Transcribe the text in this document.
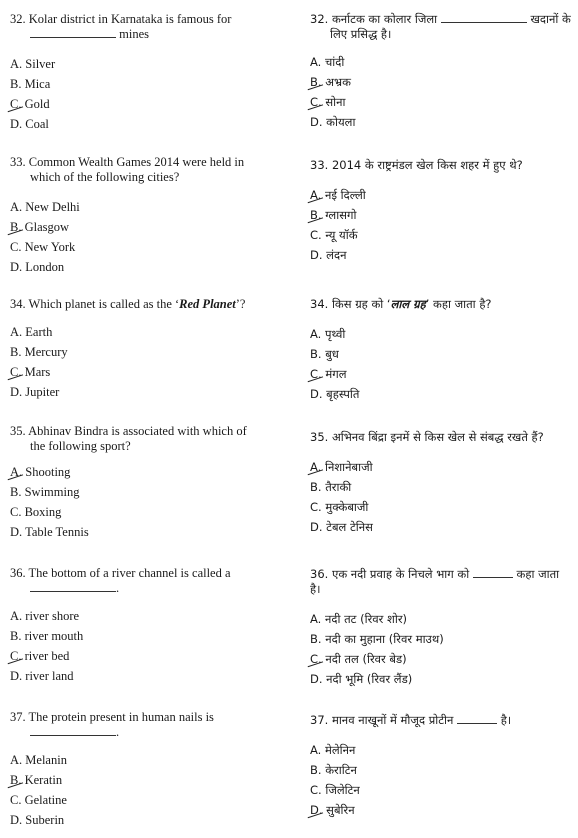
32. Kolar district in Karnataka is famous for
mines

A. Silver
B. Mica
C. Gold
D. Coal

33. Common Wealth Games 2014 were held in
which of the following cities?

A. New Delhi
B. Glasgow
C. New York
D. London

34. Which planet is called as the ‘Red Planet’?

A. Earth
B. Mercury
C. Mars
D. Jupiter

35. Abhinav Bindra is associated with which of
the following sport?

A. Shooting
B. Swimming
C. Boxing
D. Table Tennis

36. The bottom of a river channel is called a
.

A. river shore
B. river mouth
C. river bed
D. river land

37. The protein present in human nails is
.

A. Melanin
B. Keratin
C. Gelatine
D. Suberin

32. कर्नाटक का कोलार जिला	खदानों के
लिए प्रसिद्ध है।

A. चांदी
B. अभ्रक
C. सोना
D. कोयला

33. 2014 के राष्ट्रमंडल खेल किस शहर में हुए थे?

A. नई दिल्ली
B. ग्लासगो
C. न्यू यॉर्क
D. लंदन

34. किस ग्रह को ‘लाल ग्रह’ कहा जाता है?

A. पृथ्वी
B. बुध
C. मंगल
D. बृहस्पति

35. अभिनव बिंद्रा इनमें से किस खेल से संबद्ध रखते हैं?

A. निशानेबाजी
B. तैराकी
C. मुक्केबाजी
D. टेबल टेनिस

36. एक नदी प्रवाह के निचले भाग को	कहा जाता है।

A. नदी तट (रिवर शोर)
B. नदी का मुहाना (रिवर माउथ)
C. नदी तल (रिवर बेड)
D. नदी भूमि (रिवर लैंड)

37. मानव नाखूनों में मौजूद प्रोटीन	है।

A. मेलेनिन
B. केराटिन
C. जिलेटिन
D. सुबेरिन
